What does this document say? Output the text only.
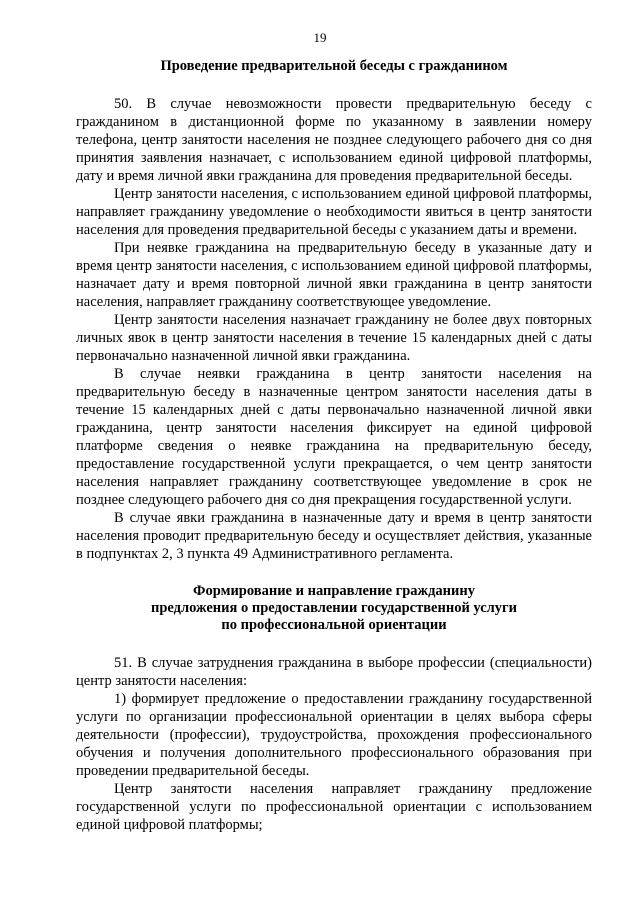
19
Проведение предварительной беседы с гражданином

50. В случае невозможности провести предварительную беседу с гражданином в дистанционной форме по указанному в заявлении номеру телефона, центр занятости населения не позднее следующего рабочего дня со дня принятия заявления назначает, с использованием единой цифровой платформы, дату и время личной явки гражданина для проведения предварительной беседы.

Центр занятости населения, с использованием единой цифровой платформы, направляет гражданину уведомление о необходимости явиться в центр занятости населения для проведения предварительной беседы с указанием даты и времени.

При неявке гражданина на предварительную беседу в указанные дату и время центр занятости населения, с использованием единой цифровой платформы, назначает дату и время повторной личной явки гражданина в центр занятости населения, направляет гражданину соответствующее уведомление.

Центр занятости населения назначает гражданину не более двух повторных личных явок в центр занятости населения в течение 15 календарных дней с даты первоначально назначенной личной явки гражданина.

В случае неявки гражданина в центр занятости населения на предварительную беседу в назначенные центром занятости населения даты в течение 15 календарных дней с даты первоначально назначенной личной явки гражданина, центр занятости населения фиксирует на единой цифровой платформе сведения о неявке гражданина на предварительную беседу, предоставление государственной услуги прекращается, о чем центр занятости населения направляет гражданину соответствующее уведомление в срок не позднее следующего рабочего дня со дня прекращения государственной услуги.

В случае явки гражданина в назначенные дату и время в центр занятости населения проводит предварительную беседу и осуществляет действия, указанные в подпунктах 2, 3 пункта 49 Административного регламента.

Формирование и направление гражданину
предложения о предоставлении государственной услуги
по профессиональной ориентации

51. В случае затруднения гражданина в выборе профессии (специальности) центр занятости населения:

1) формирует предложение о предоставлении гражданину государственной услуги по организации профессиональной ориентации в целях выбора сферы деятельности (профессии), трудоустройства, прохождения профессионального обучения и получения дополнительного профессионального образования при проведении предварительной беседы.

Центр занятости населения направляет гражданину предложение государственной услуги по профессиональной ориентации с использованием единой цифровой платформы;
